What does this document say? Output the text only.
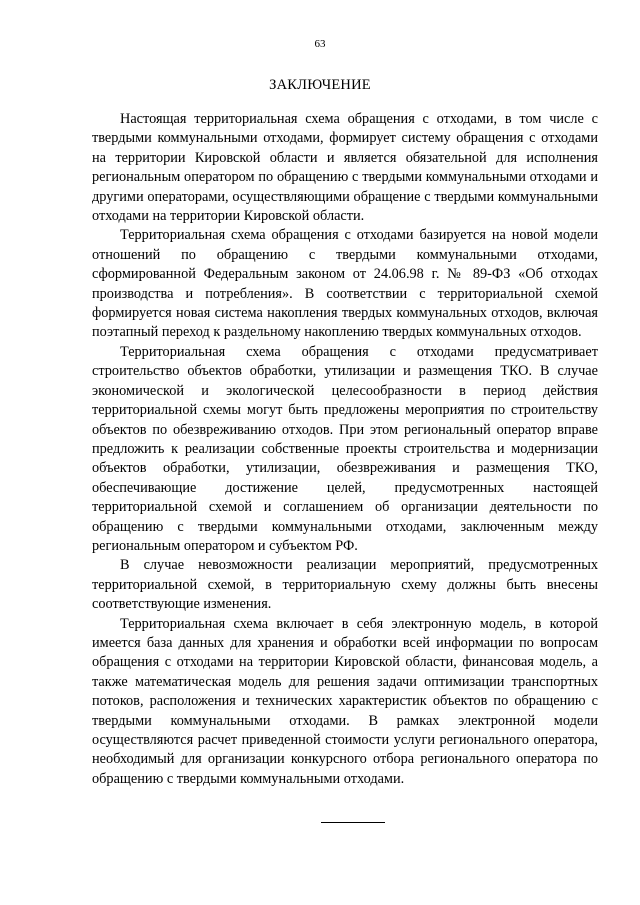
63
ЗАКЛЮЧЕНИЕ

Настоящая территориальная схема обращения с отходами, в том числе с твердыми коммунальными отходами, формирует систему обращения с отходами на территории Кировской области и является обязательной для исполнения региональным оператором по обращению с твердыми коммунальными отходами и другими операторами, осуществляющими обращение с твердыми коммунальными отходами на территории Кировской области.

Территориальная схема обращения с отходами базируется на новой модели отношений по обращению с твердыми коммунальными отходами, сформированной Федеральным законом от 24.06.98 г. № 89-ФЗ «Об отходах производства и потребления». В соответствии с территориальной схемой формируется новая система накопления твердых коммунальных отходов, включая поэтапный переход к раздельному накоплению твердых коммунальных отходов.

Территориальная схема обращения с отходами предусматривает строительство объектов обработки, утилизации и размещения ТКО. В случае экономической и экологической целесообразности в период действия территориальной схемы могут быть предложены мероприятия по строительству объектов по обезвреживанию отходов. При этом региональный оператор вправе предложить к реализации собственные проекты строительства и модернизации объектов обработки, утилизации, обезвреживания и размещения ТКО, обеспечивающие достижение целей, предусмотренных настоящей территориальной схемой и соглашением об организации деятельности по обращению с твердыми коммунальными отходами, заключенным между региональным оператором и субъектом РФ.

В случае невозможности реализации мероприятий, предусмотренных территориальной схемой, в территориальную схему должны быть внесены соответствующие изменения.

Территориальная схема включает в себя электронную модель, в которой имеется база данных для хранения и обработки всей информации по вопросам обращения с отходами на территории Кировской области, финансовая модель, а также математическая модель для решения задачи оптимизации транспортных потоков, расположения и технических характеристик объектов по обращению с твердыми коммунальными отходами. В рамках электронной модели осуществляются расчет приведенной стоимости услуги регионального оператора, необходимый для организации конкурсного отбора регионального оператора по обращению с твердыми коммунальными отходами.
